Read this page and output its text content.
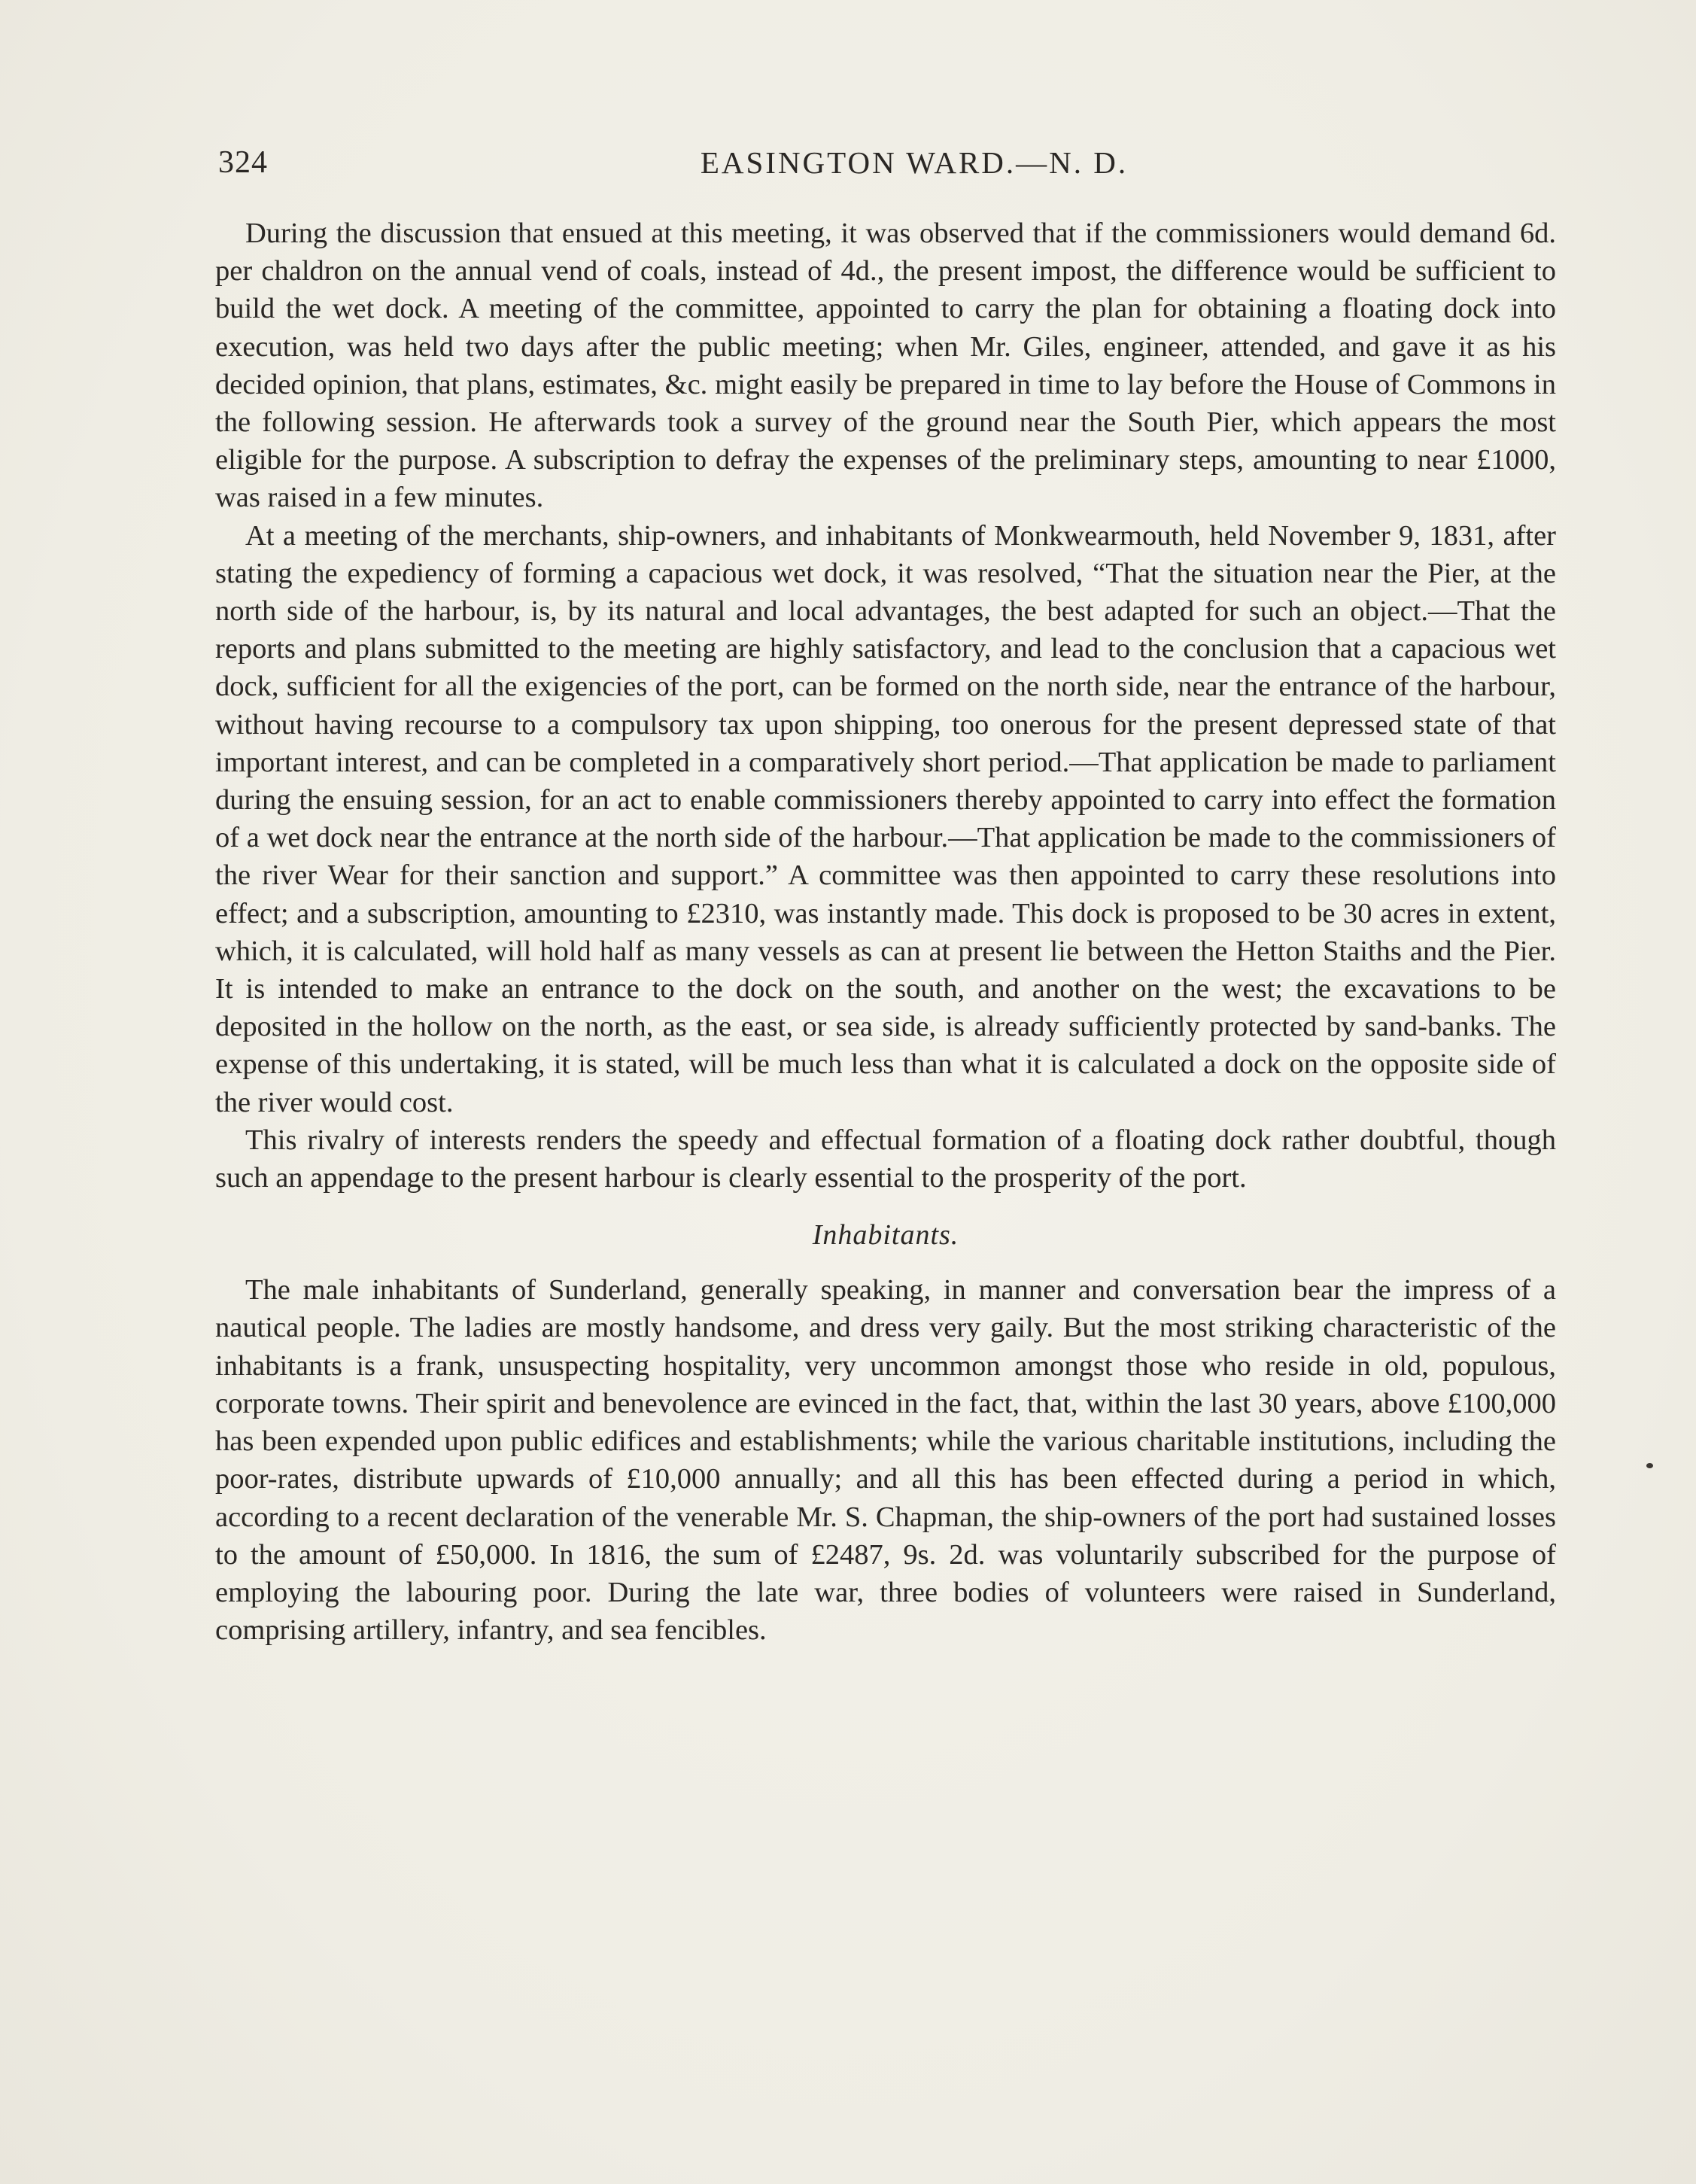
324	EASINGTON WARD.—N. D.

During the discussion that ensued at this meeting, it was observed that if the commissioners would demand 6d. per chaldron on the annual vend of coals, instead of 4d., the present impost, the difference would be sufficient to build the wet dock. A meeting of the committee, appointed to carry the plan for obtaining a floating dock into execution, was held two days after the public meeting; when Mr. Giles, engineer, attended, and gave it as his decided opinion, that plans, estimates, &c. might easily be prepared in time to lay before the House of Commons in the following session. He afterwards took a survey of the ground near the South Pier, which appears the most eligible for the purpose. A subscription to defray the expenses of the preliminary steps, amounting to near £1000, was raised in a few minutes.

At a meeting of the merchants, ship-owners, and inhabitants of Monkwearmouth, held November 9, 1831, after stating the expediency of forming a capacious wet dock, it was resolved, “That the situation near the Pier, at the north side of the harbour, is, by its natural and local advantages, the best adapted for such an object.—That the reports and plans submitted to the meeting are highly satisfactory, and lead to the conclusion that a capacious wet dock, sufficient for all the exigencies of the port, can be formed on the north side, near the entrance of the harbour, without having recourse to a compulsory tax upon shipping, too onerous for the present depressed state of that important interest, and can be completed in a comparatively short period.—That application be made to parliament during the ensuing session, for an act to enable commissioners thereby appointed to carry into effect the formation of a wet dock near the entrance at the north side of the harbour.—That application be made to the commissioners of the river Wear for their sanction and support.” A committee was then appointed to carry these resolutions into effect; and a subscription, amounting to £2310, was instantly made. This dock is proposed to be 30 acres in extent, which, it is calculated, will hold half as many vessels as can at present lie between the Hetton Staiths and the Pier. It is intended to make an entrance to the dock on the south, and another on the west; the excavations to be deposited in the hollow on the north, as the east, or sea side, is already sufficiently protected by sand-banks. The expense of this undertaking, it is stated, will be much less than what it is calculated a dock on the opposite side of the river would cost.

This rivalry of interests renders the speedy and effectual formation of a floating dock rather doubtful, though such an appendage to the present harbour is clearly essential to the prosperity of the port.

Inhabitants.

The male inhabitants of Sunderland, generally speaking, in manner and conversation bear the impress of a nautical people. The ladies are mostly handsome, and dress very gaily. But the most striking characteristic of the inhabitants is a frank, unsuspecting hospitality, very uncommon amongst those who reside in old, populous, corporate towns. Their spirit and benevolence are evinced in the fact, that, within the last 30 years, above £100,000 has been expended upon public edifices and establishments; while the various charitable institutions, including the poor-rates, distribute upwards of £10,000 annually; and all this has been effected during a period in which, according to a recent declaration of the venerable Mr. S. Chapman, the ship-owners of the port had sustained losses to the amount of £50,000. In 1816, the sum of £2487, 9s. 2d. was voluntarily subscribed for the purpose of employing the labouring poor. During the late war, three bodies of volunteers were raised in Sunderland, comprising artillery, infantry, and sea fencibles.
